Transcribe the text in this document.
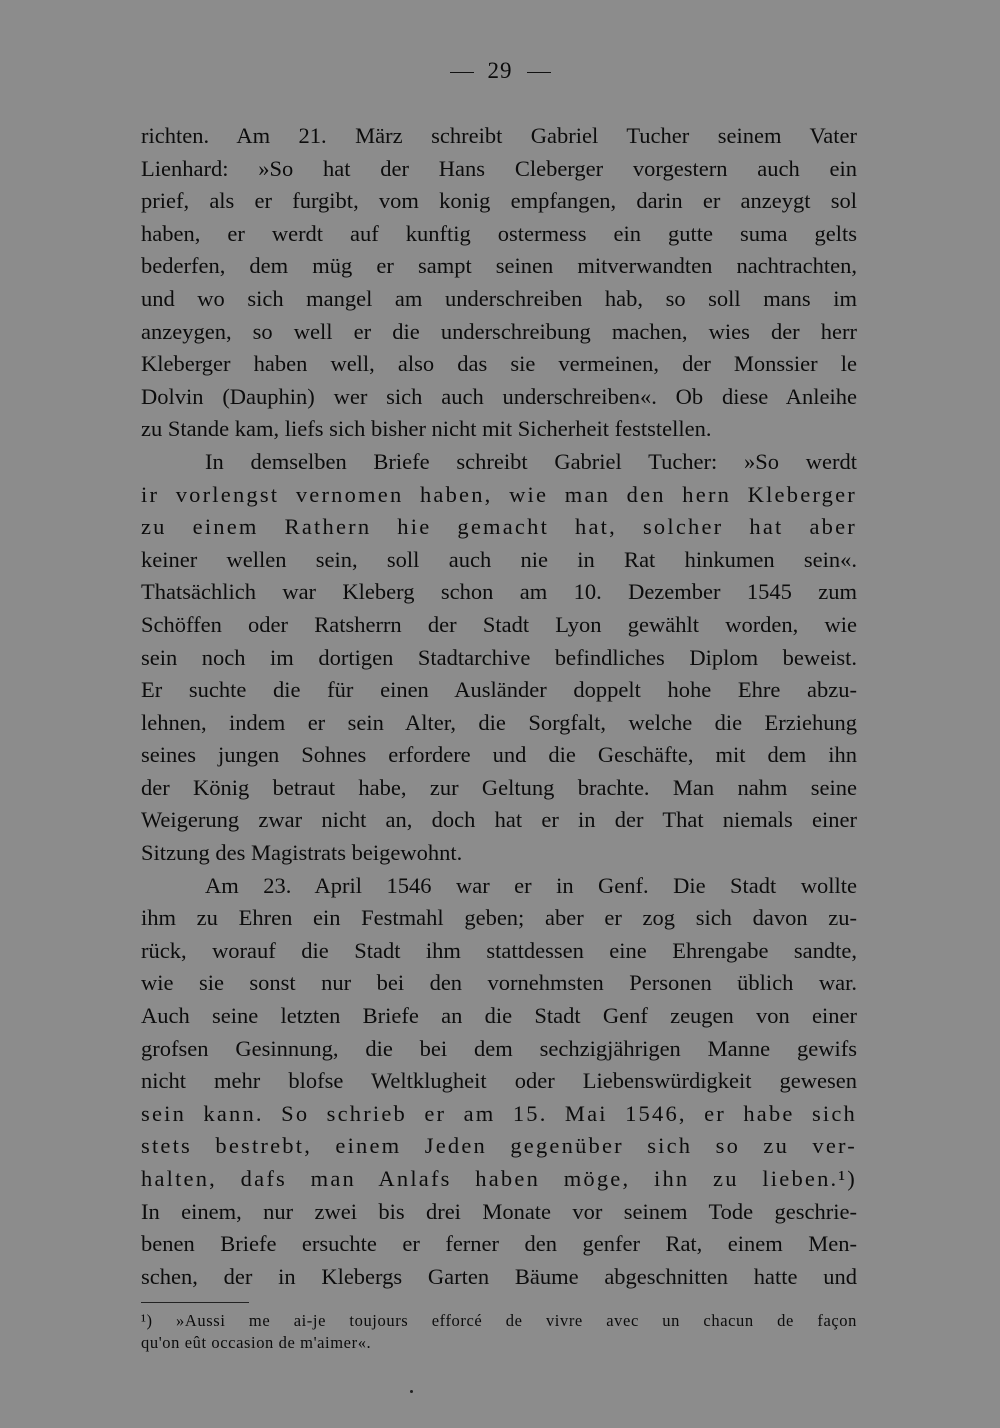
29
richten. Am 21. März schreibt Gabriel Tucher seinem Vater
Lienhard: »So hat der Hans Cleberger vorgestern auch ein
prief, als er furgibt, vom konig empfangen, darin er anzeygt sol
haben, er werdt auf kunftig ostermess ein gutte suma gelts
bederfen, dem müg er sampt seinen mitverwandten nachtrachten,
und wo sich mangel am underschreiben hab, so soll mans im
anzeygen, so well er die underschreibung machen, wies der herr
Kleberger haben well, also das sie vermeinen, der Monssier le
Dolvin (Dauphin) wer sich auch underschreiben«. Ob diese Anleihe
zu Stande kam, liefs sich bisher nicht mit Sicherheit feststellen.
In demselben Briefe schreibt Gabriel Tucher: »So werdt
ir vorlengst vernomen haben, wie man den hern Kleberger
zu einem Rathern hie gemacht hat, solcher hat aber
keiner wellen sein, soll auch nie in Rat hinkumen sein«.
Thatsächlich war Kleberg schon am 10. Dezember 1545 zum
Schöffen oder Ratsherrn der Stadt Lyon gewählt worden, wie
sein noch im dortigen Stadtarchive befindliches Diplom beweist.
Er suchte die für einen Ausländer doppelt hohe Ehre abzu-
lehnen, indem er sein Alter, die Sorgfalt, welche die Erziehung
seines jungen Sohnes erfordere und die Geschäfte, mit dem ihn
der König betraut habe, zur Geltung brachte. Man nahm seine
Weigerung zwar nicht an, doch hat er in der That niemals einer
Sitzung des Magistrats beigewohnt.
Am 23. April 1546 war er in Genf. Die Stadt wollte
ihm zu Ehren ein Festmahl geben; aber er zog sich davon zu-
rück, worauf die Stadt ihm stattdessen eine Ehrengabe sandte,
wie sie sonst nur bei den vornehmsten Personen üblich war.
Auch seine letzten Briefe an die Stadt Genf zeugen von einer
grofsen Gesinnung, die bei dem sechzigjährigen Manne gewifs
nicht mehr blofse Weltklugheit oder Liebenswürdigkeit gewesen
sein kann. So schrieb er am 15. Mai 1546, er habe sich
stets bestrebt, einem Jeden gegenüber sich so zu ver-
halten, dafs man Anlafs haben möge, ihn zu lieben.¹)
In einem, nur zwei bis drei Monate vor seinem Tode geschrie-
benen Briefe ersuchte er ferner den genfer Rat, einem Men-
schen, der in Klebergs Garten Bäume abgeschnitten hatte und
¹) »Aussi me ai-je toujours efforcé de vivre avec un chacun de façon
qu'on eût occasion de m'aimer«.
